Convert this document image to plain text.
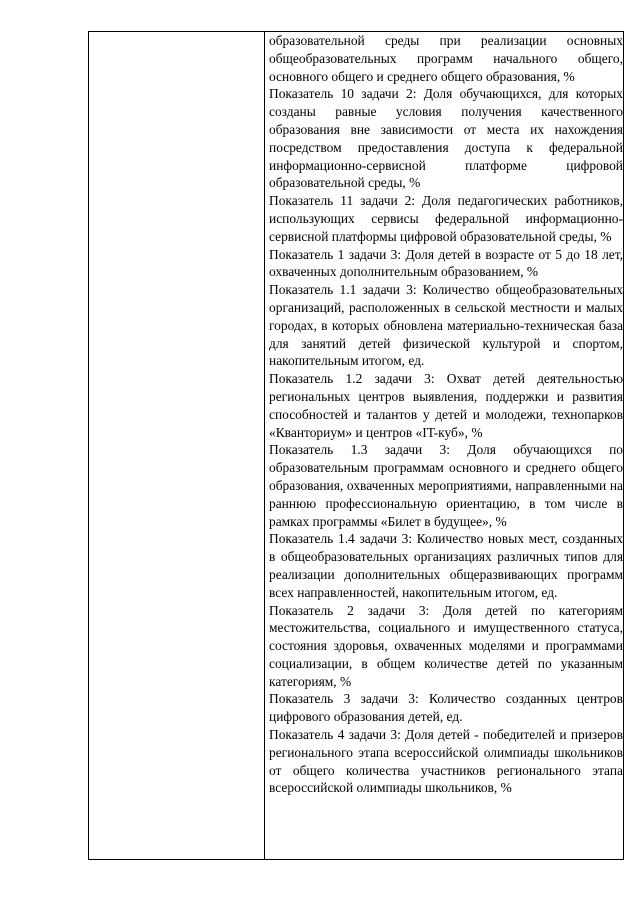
образовательной среды при реализации основных общеобразовательных программ начального общего, основного общего и среднего общего образования, %

Показатель 10 задачи 2: Доля обучающихся, для которых созданы равные условия получения качественного образования вне зависимости от места их нахождения посредством предоставления доступа к федеральной информационно-сервисной платформе цифровой образовательной среды, %

Показатель 11 задачи 2: Доля педагогических работников, использующих сервисы федеральной информационно-сервисной платформы цифровой образовательной среды, %

Показатель 1 задачи 3: Доля детей в возрасте от 5 до 18 лет, охваченных дополнительным образованием, %

Показатель 1.1 задачи 3: Количество общеобразовательных организаций, расположенных в сельской местности и малых городах, в которых обновлена материально-техническая база для занятий детей физической культурой и спортом, накопительным итогом, ед.

Показатель 1.2 задачи 3: Охват детей деятельностью региональных центров выявления, поддержки и развития способностей и талантов у детей и молодежи, технопарков «Кванториум» и центров «IT-куб», %

Показатель 1.3 задачи 3: Доля обучающихся по образовательным программам основного и среднего общего образования, охваченных мероприятиями, направленными на раннюю профессиональную ориентацию, в том числе в рамках программы «Билет в будущее», %

Показатель 1.4 задачи 3: Количество новых мест, созданных в общеобразовательных организациях различных типов для реализации дополнительных общеразвивающих программ всех направленностей, накопительным итогом, ед.

Показатель 2 задачи 3: Доля детей по категориям местожительства, социального и имущественного статуса, состояния здоровья, охваченных моделями и программами социализации, в общем количестве детей по указанным категориям, %

Показатель 3 задачи 3: Количество созданных центров цифрового образования детей, ед.

Показатель 4 задачи 3: Доля детей - победителей и призеров регионального этапа всероссийской олимпиады школьников от общего количества участников регионального этапа всероссийской олимпиады школьников, %
